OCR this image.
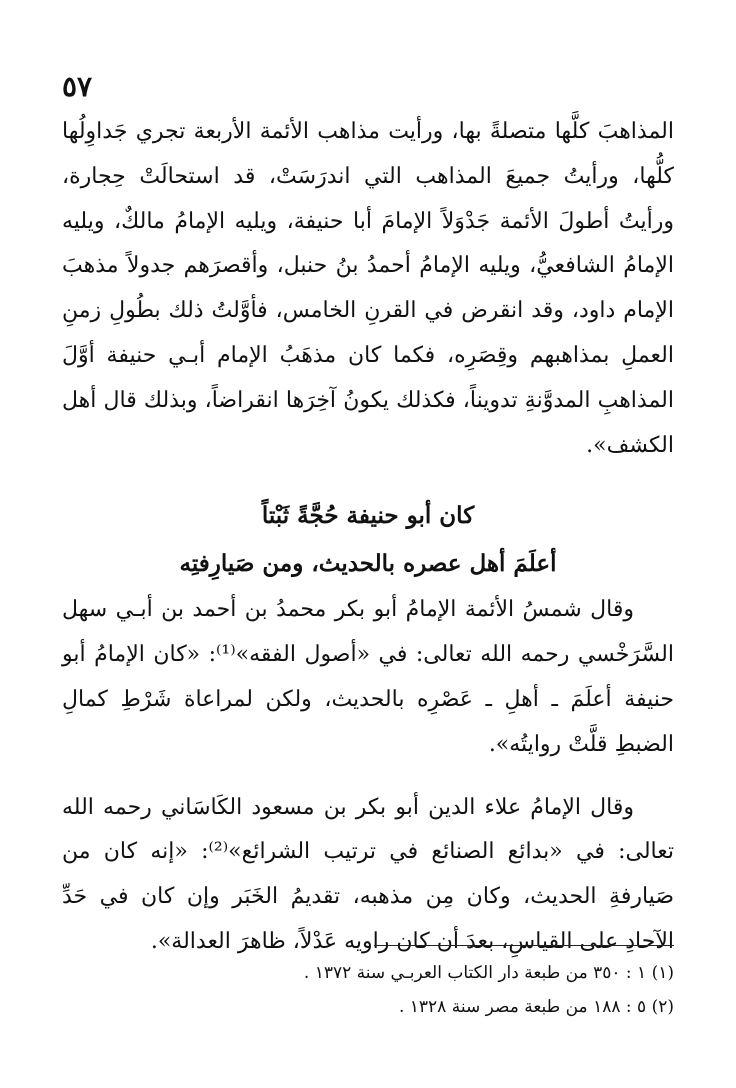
٥٧

المذاهبَ كلَّها متصلةً بها، ورأيت مذاهب الأئمة الأربعة تجري جَداوِلُها كلُّها، ورأيتُ جميعَ المذاهب التي اندرَسَتْ، قد استحالَتْ حِجارة، ورأيتُ أطولَ الأئمة جَدْوَلاً الإمامَ أبا حنيفة، ويليه الإمامُ مالكٌ، ويليه الإمامُ الشافعيُّ، ويليه الإمامُ أحمدُ بنُ حنبل، وأقصرَهم جدولاً مذهبَ الإمام داود، وقد انقرض في القرنِ الخامس، فأوَّلتُ ذلك بطُولِ زمنِ العملِ بمذاهبهم وقِصَرِه، فكما كان مذهَبُ الإمام أبـي حنيفة أوَّلَ المذاهبِ المدوَّنةِ تدويناً، فكذلك يكونُ آخِرَها انقراضاً، وبذلك قال أهل الكشف».

كان أبو حنيفة حُجَّةً ثَبْتاً

أعلَمَ أهل عصره بالحديث، ومن صَيارِفتِه

وقال شمسُ الأئمة الإمامُ أبو بكر محمدُ بن أحمد بن أبـي سهل السَّرَخْسي رحمه الله تعالى: في «أصول الفقه»⁽¹⁾: «كان الإمامُ أبو حنيفة أعلَمَ ـ أهلِ ـ عَصْرِه بالحديث، ولكن لمراعاة شَرْطِ كمالِ الضبطِ قلَّتْ روايتُه».

وقال الإمامُ علاء الدين أبو بكر بن مسعود الكَاسَاني رحمه الله تعالى: في «بدائع الصنائع في ترتيب الشرائع»⁽²⁾: «إنه كان من صَيارفةِ الحديث، وكان مِن مذهبه، تقديمُ الخَبَر وإن كان في حَدِّ الآحادِ على القياسِ، بعدَ أن كان راويه عَدْلاً، ظاهرَ العدالة».

(١) ١ : ٣٥٠ من طبعة دار الكتاب العربـي سنة ١٣٧٢ .

(٢) ٥ : ١٨٨ من طبعة مصر سنة ١٣٢٨ .
